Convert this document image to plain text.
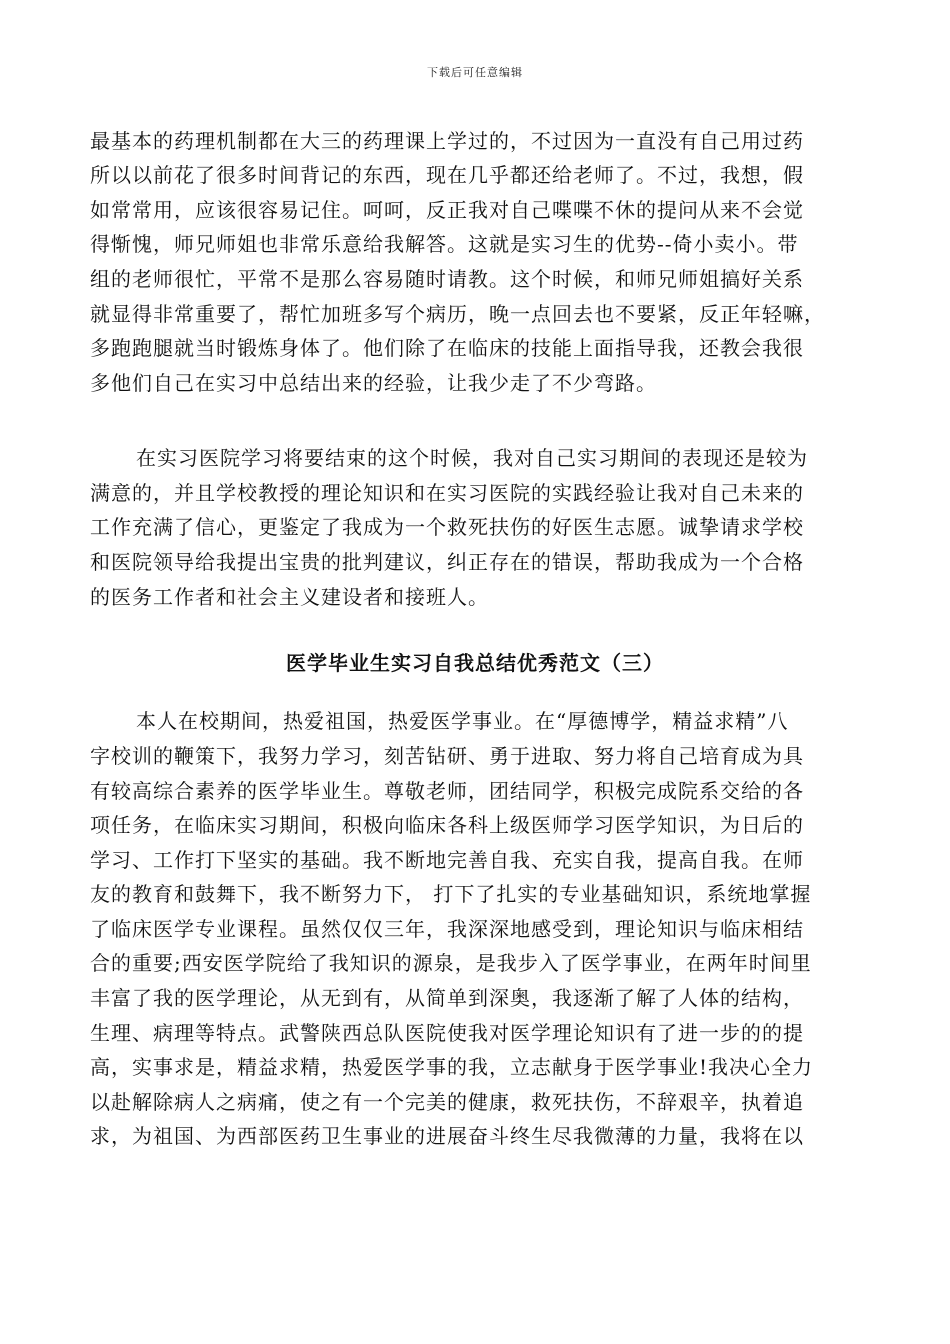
下载后可任意编辑
最基本的药理机制都在大三的药理课上学过的，不过因为一直没有自己用过药
所以以前花了很多时间背记的东西，现在几乎都还给老师了。不过，我想，假
如常常用，应该很容易记住。呵呵，反正我对自己喋喋不休的提问从来不会觉
得惭愧，师兄师姐也非常乐意给我解答。这就是实习生的优势--倚小卖小。带
组的老师很忙，平常不是那么容易随时请教。这个时候，和师兄师姐搞好关系
就显得非常重要了，帮忙加班多写个病历，晚一点回去也不要紧，反正年轻嘛，
多跑跑腿就当时锻炼身体了。他们除了在临床的技能上面指导我，还教会我很
多他们自己在实习中总结出来的经验，让我少走了不少弯路。
在实习医院学习将要结束的这个时候，我对自己实习期间的表现还是较为
满意的，并且学校教授的理论知识和在实习医院的实践经验让我对自己未来的
工作充满了信心，更鉴定了我成为一个救死扶伤的好医生志愿。诚挚请求学校
和医院领导给我提出宝贵的批判建议，纠正存在的错误，帮助我成为一个合格
的医务工作者和社会主义建设者和接班人。
医学毕业生实习自我总结优秀范文（三）
本人在校期间，热爱祖国，热爱医学事业。在“厚德博学，精益求精”八
字校训的鞭策下，我努力学习，刻苦钻研、勇于进取、努力将自己培育成为具
有较高综合素养的医学毕业生。尊敬老师，团结同学，积极完成院系交给的各
项任务，在临床实习期间，积极向临床各科上级医师学习医学知识，为日后的
学习、工作打下坚实的基础。我不断地完善自我、充实自我，提高自我。在师
友的教育和鼓舞下，我不断努力下， 打下了扎实的专业基础知识，系统地掌握
了临床医学专业课程。虽然仅仅三年，我深深地感受到，理论知识与临床相结
合的重要;西安医学院给了我知识的源泉，是我步入了医学事业，在两年时间里
丰富了我的医学理论，从无到有，从简单到深奥，我逐渐了解了人体的结构，
生理、病理等特点。武警陕西总队医院使我对医学理论知识有了进一步的的提
高，实事求是，精益求精，热爱医学事的我，立志献身于医学事业!我决心全力
以赴解除病人之病痛，使之有一个完美的健康，救死扶伤，不辞艰辛，执着追
求，为祖国、为西部医药卫生事业的进展奋斗终生尽我微薄的力量，我将在以
